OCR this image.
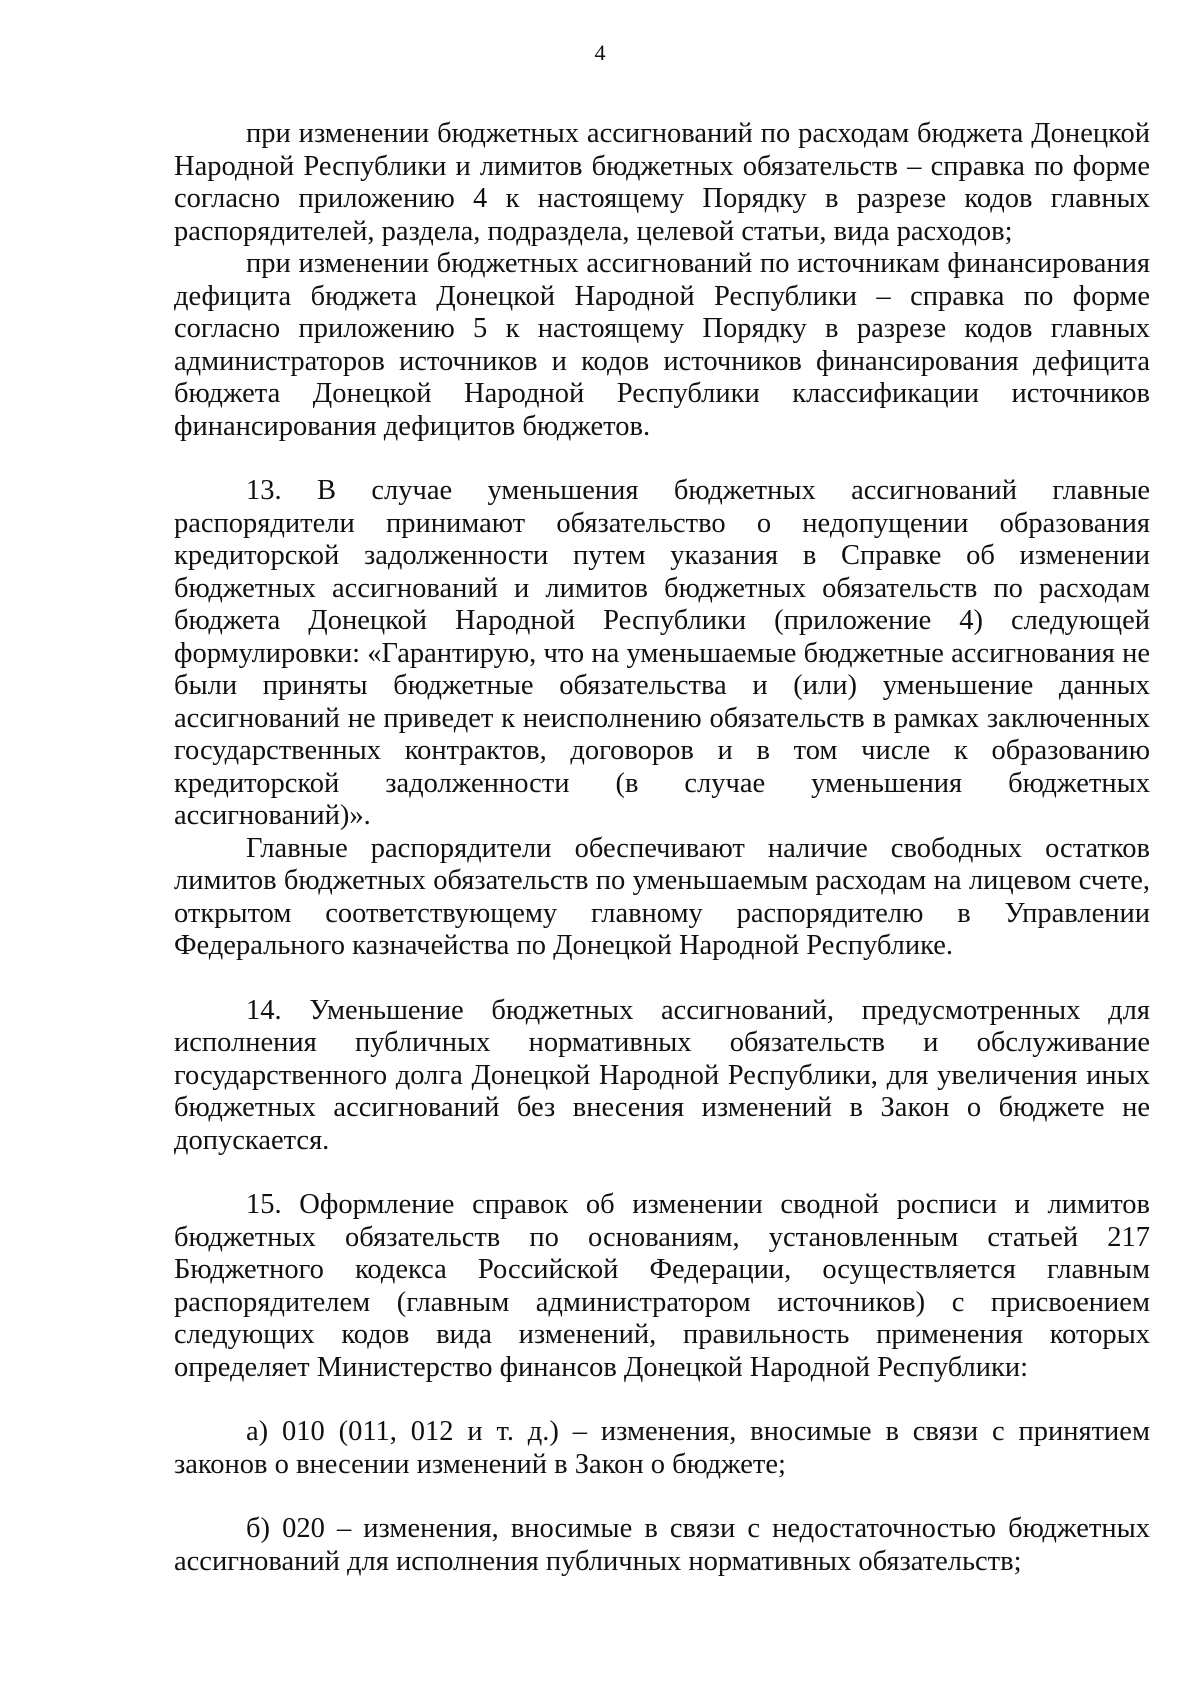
4

при изменении бюджетных ассигнований по расходам бюджета Донецкой Народной Республики и лимитов бюджетных обязательств – справка по форме согласно приложению 4 к настоящему Порядку в разрезе кодов главных распорядителей, раздела, подраздела, целевой статьи, вида расходов;

при изменении бюджетных ассигнований по источникам финансирования дефицита бюджета Донецкой Народной Республики – справка по форме согласно приложению 5 к настоящему Порядку в разрезе кодов главных администраторов источников и кодов источников финансирования дефицита бюджета Донецкой Народной Республики классификации источников финансирования дефицитов бюджетов.

13. В случае уменьшения бюджетных ассигнований главные распорядители принимают обязательство о недопущении образования кредиторской задолженности путем указания в Справке об изменении бюджетных ассигнований и лимитов бюджетных обязательств по расходам бюджета Донецкой Народной Республики (приложение 4) следующей формулировки: «Гарантирую, что на уменьшаемые бюджетные ассигнования не были приняты бюджетные обязательства и (или) уменьшение данных ассигнований не приведет к неисполнению обязательств в рамках заключенных государственных контрактов, договоров и в том числе к образованию кредиторской задолженности (в случае уменьшения бюджетных ассигнований)».

Главные распорядители обеспечивают наличие свободных остатков лимитов бюджетных обязательств по уменьшаемым расходам на лицевом счете, открытом соответствующему главному распорядителю в Управлении Федерального казначейства по Донецкой Народной Республике.

14. Уменьшение бюджетных ассигнований, предусмотренных для исполнения публичных нормативных обязательств и обслуживание государственного долга Донецкой Народной Республики, для увеличения иных бюджетных ассигнований без внесения изменений в Закон о бюджете не допускается.

15. Оформление справок об изменении сводной росписи и лимитов бюджетных обязательств по основаниям, установленным статьей 217 Бюджетного кодекса Российской Федерации, осуществляется главным распорядителем (главным администратором источников) с присвоением следующих кодов вида изменений, правильность применения которых определяет Министерство финансов Донецкой Народной Республики:

а) 010 (011, 012 и т. д.) – изменения, вносимые в связи с принятием законов о внесении изменений в Закон о бюджете;

б) 020 – изменения, вносимые в связи с недостаточностью бюджетных ассигнований для исполнения публичных нормативных обязательств;
